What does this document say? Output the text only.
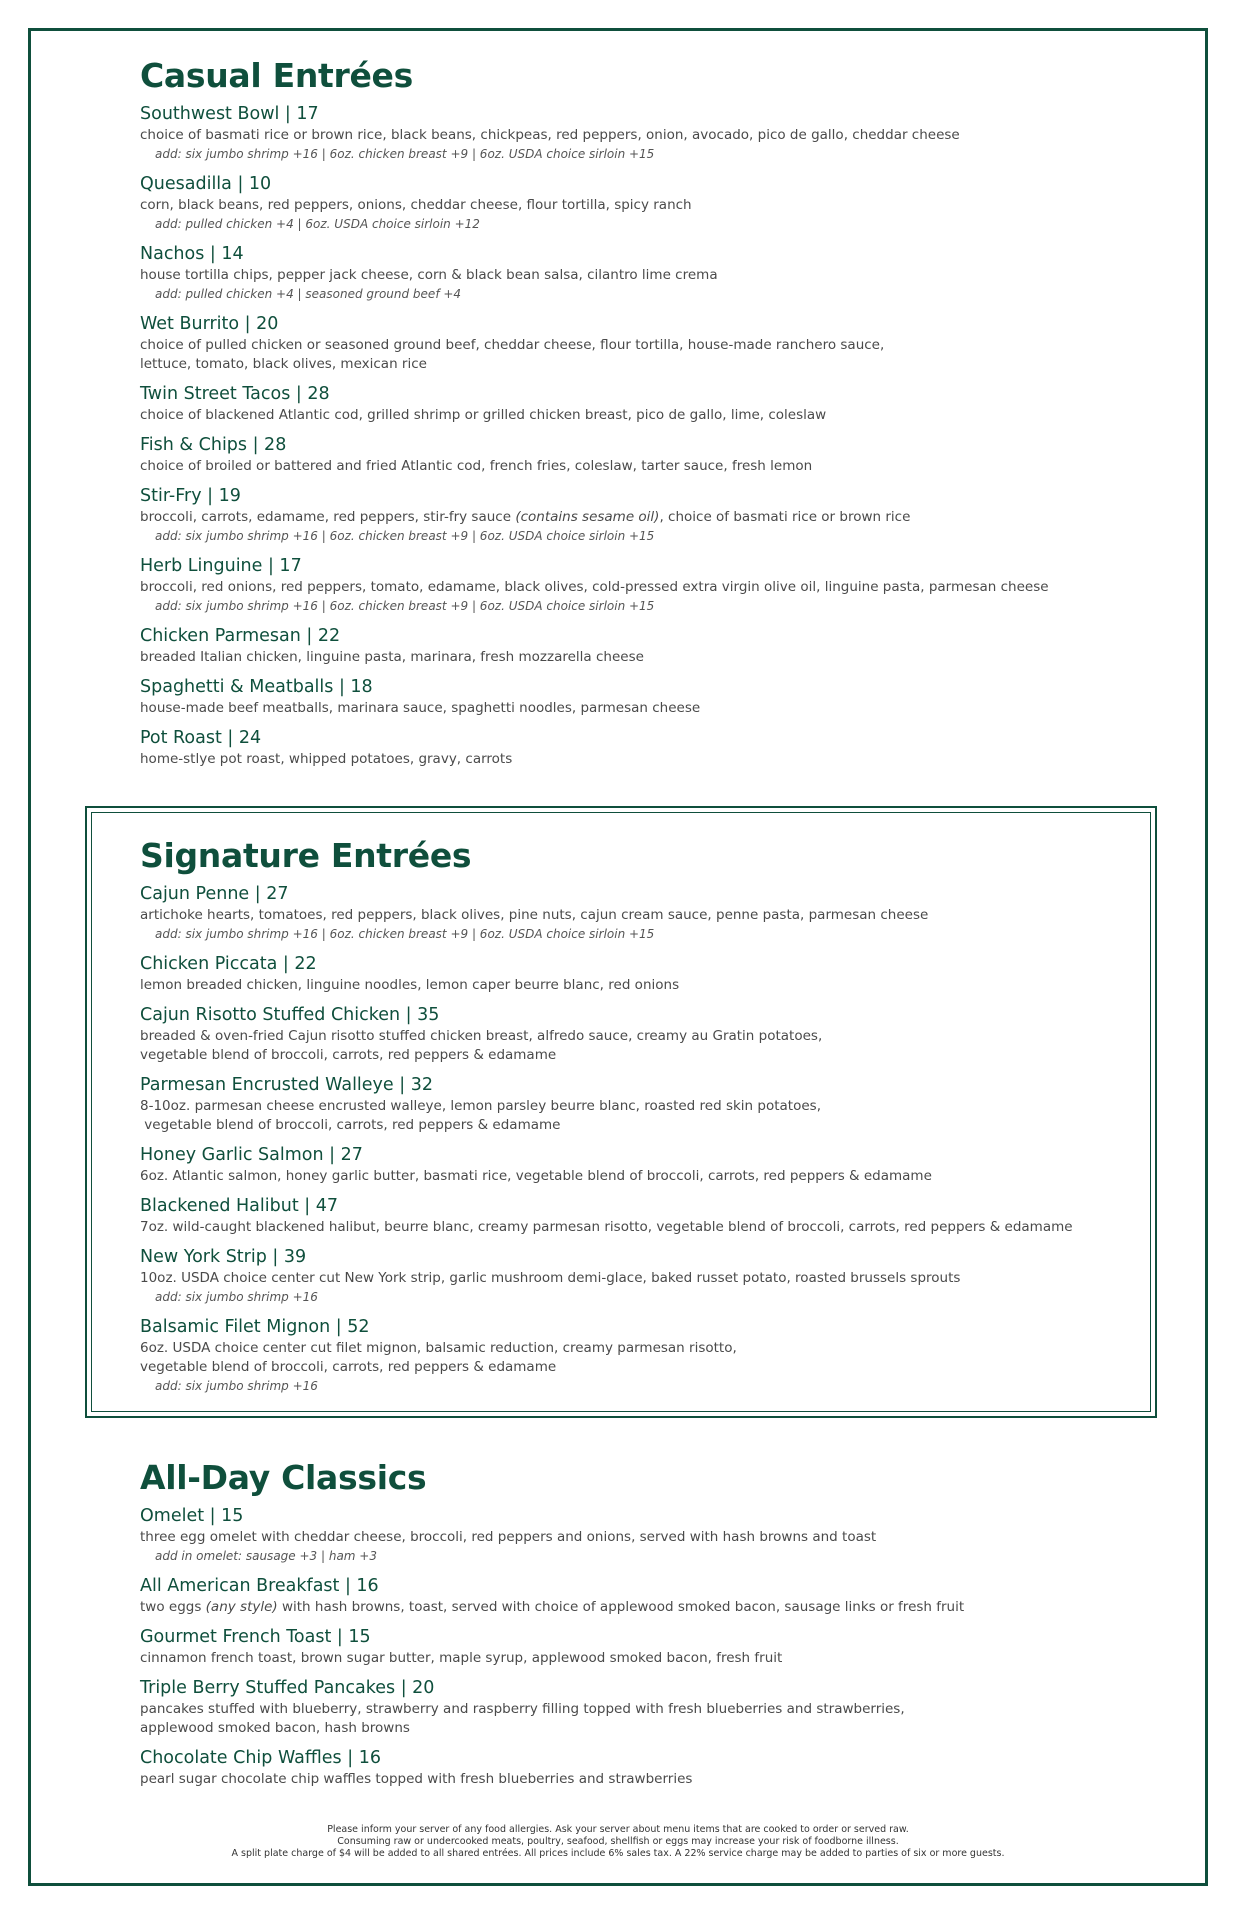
Casual Entrées
Southwest Bowl | 17
choice of basmati rice or brown rice, black beans, chickpeas, red peppers, onion, avocado, pico de gallo, cheddar cheese
add: six jumbo shrimp +16 | 6oz. chicken breast +9 | 6oz. USDA choice sirloin +15
Quesadilla | 10
corn, black beans, red peppers, onions, cheddar cheese, flour tortilla, spicy ranch
add: pulled chicken +4 | 6oz. USDA choice sirloin +12
Nachos | 14
house tortilla chips, pepper jack cheese, corn & black bean salsa, cilantro lime crema
add: pulled chicken +4 | seasoned ground beef +4
Wet Burrito | 20
choice of pulled chicken or seasoned ground beef, cheddar cheese, flour tortilla, house-made ranchero sauce,
lettuce, tomato, black olives, mexican rice
Twin Street Tacos | 28
choice of blackened Atlantic cod, grilled shrimp or grilled chicken breast, pico de gallo, lime, coleslaw
Fish & Chips | 28
choice of broiled or battered and fried Atlantic cod, french fries, coleslaw, tarter sauce, fresh lemon
Stir-Fry | 19
broccoli, carrots, edamame, red peppers, stir-fry sauce (contains sesame oil), choice of basmati rice or brown rice
add: six jumbo shrimp +16 | 6oz. chicken breast +9 | 6oz. USDA choice sirloin +15
Herb Linguine | 17
broccoli, red onions, red peppers, tomato, edamame, black olives, cold-pressed extra virgin olive oil, linguine pasta, parmesan cheese
add: six jumbo shrimp +16 | 6oz. chicken breast +9 | 6oz. USDA choice sirloin +15
Chicken Parmesan | 22
breaded Italian chicken, linguine pasta, marinara, fresh mozzarella cheese
Spaghetti & Meatballs | 18
house-made beef meatballs, marinara sauce, spaghetti noodles, parmesan cheese
Pot Roast | 24
home-stlye pot roast, whipped potatoes, gravy, carrots
Signature Entrées
Cajun Penne | 27
artichoke hearts, tomatoes, red peppers, black olives, pine nuts, cajun cream sauce, penne pasta, parmesan cheese
add: six jumbo shrimp +16 | 6oz. chicken breast +9 | 6oz. USDA choice sirloin +15
Chicken Piccata | 22
lemon breaded chicken, linguine noodles, lemon caper beurre blanc, red onions
Cajun Risotto Stuffed Chicken | 35
breaded & oven-fried Cajun risotto stuffed chicken breast, alfredo sauce, creamy au Gratin potatoes,
vegetable blend of broccoli, carrots, red peppers & edamame
Parmesan Encrusted Walleye | 32
8-10oz. parmesan cheese encrusted walleye, lemon parsley beurre blanc, roasted red skin potatoes,
vegetable blend of broccoli, carrots, red peppers & edamame
Honey Garlic Salmon | 27
6oz. Atlantic salmon, honey garlic butter, basmati rice, vegetable blend of broccoli, carrots, red peppers & edamame
Blackened Halibut | 47
7oz. wild-caught blackened halibut, beurre blanc, creamy parmesan risotto, vegetable blend of broccoli, carrots, red peppers & edamame
New York Strip | 39
10oz. USDA choice center cut New York strip, garlic mushroom demi-glace, baked russet potato, roasted brussels sprouts
add: six jumbo shrimp +16
Balsamic Filet Mignon | 52
6oz. USDA choice center cut filet mignon, balsamic reduction, creamy parmesan risotto,
vegetable blend of broccoli, carrots, red peppers & edamame
add: six jumbo shrimp +16
All-Day Classics
Omelet | 15
three egg omelet with cheddar cheese, broccoli, red peppers and onions, served with hash browns and toast
add in omelet: sausage +3 | ham +3
All American Breakfast | 16
two eggs (any style) with hash browns, toast, served with choice of applewood smoked bacon, sausage links or fresh fruit
Gourmet French Toast | 15
cinnamon french toast, brown sugar butter, maple syrup, applewood smoked bacon, fresh fruit
Triple Berry Stuffed Pancakes | 20
pancakes stuffed with blueberry, strawberry and raspberry filling topped with fresh blueberries and strawberries,
applewood smoked bacon, hash browns
Chocolate Chip Waffles | 16
pearl sugar chocolate chip waffles topped with fresh blueberries and strawberries
Please inform your server of any food allergies. Ask your server about menu items that are cooked to order or served raw.
Consuming raw or undercooked meats, poultry, seafood, shellfish or eggs may increase your risk of foodborne illness.
A split plate charge of $4 will be added to all shared entrées. All prices include 6% sales tax. A 22% service charge may be added to parties of six or more guests.
